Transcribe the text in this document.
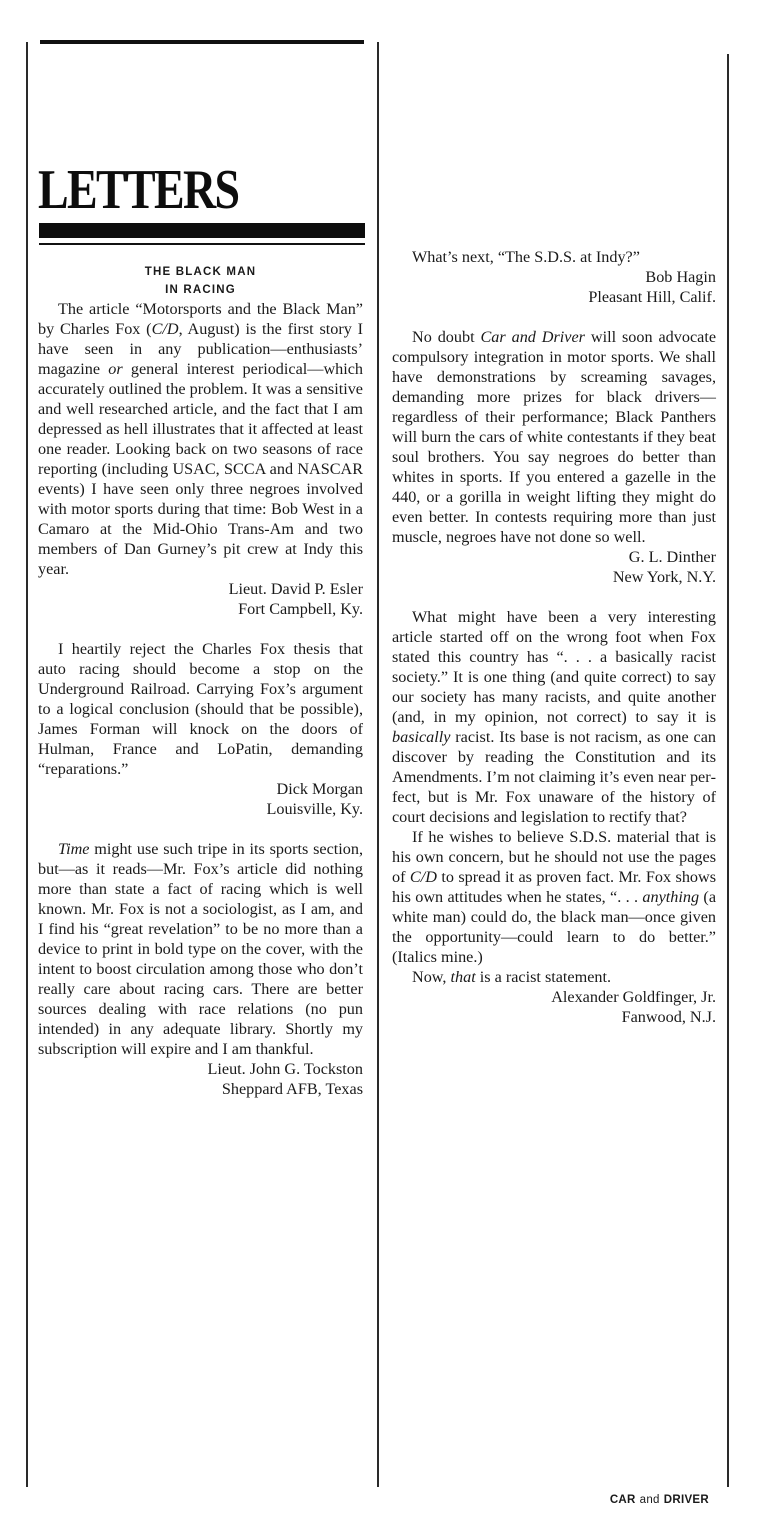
LETTERS
THE BLACK MAN
IN RACING

The article “Motorsports and the Black Man” by Charles Fox (C/D, August) is the first story I have seen in any publication—enthusiasts’ magazine or general interest periodical—which accurately outlined the problem. It was a sensitive and well researched article, and the fact that I am depressed as hell illustrates that it affected at least one reader. Looking back on two seasons of race reporting (including USAC, SCCA and NASCAR events) I have seen only three negroes involved with motor sports during that time: Bob West in a Camaro at the Mid-Ohio Trans-Am and two members of Dan Gurney’s pit crew at Indy this year.

Lieut. David P. Esler
Fort Campbell, Ky.

I heartily reject the Charles Fox thesis that auto racing should become a stop on the Underground Railroad. Carrying Fox’s argument to a logical conclusion (should that be possible), James Forman will knock on the doors of Hulman, France and LoPatin, demanding “reparations.”

Dick Morgan
Louisville, Ky.

Time might use such tripe in its sports section, but—as it reads—Mr. Fox’s article did nothing more than state a fact of racing which is well known. Mr. Fox is not a sociologist, as I am, and I find his “great revelation” to be no more than a device to print in bold type on the cover, with the intent to boost circulation among those who don’t really care about racing cars. There are better sources dealing with race relations (no pun intended) in any adequate library. Shortly my subscription will expire and I am thankful.

Lieut. John G. Tockston
Sheppard AFB, Texas

What’s next, “The S.D.S. at Indy?”

Bob Hagin
Pleasant Hill, Calif.

No doubt Car and Driver will soon advocate compulsory integration in motor sports. We shall have demonstrations by screaming savages, demanding more prizes for black drivers—regardless of their performance; Black Panthers will burn the cars of white contestants if they beat soul brothers. You say negroes do better than whites in sports. If you entered a gazelle in the 440, or a gorilla in weight lifting they might do even better. In contests requiring more than just muscle, negroes have not done so well.

G. L. Dinther
New York, N.Y.

What might have been a very interesting article started off on the wrong foot when Fox stated this country has “. . . a basically racist society.” It is one thing (and quite correct) to say our society has many racists, and quite another (and, in my opinion, not correct) to say it is basically racist. Its base is not racism, as one can discover by reading the Constitution and its Amendments. I’m not claiming it’s even near perfect, but is Mr. Fox unaware of the history of court decisions and legislation to rectify that?

If he wishes to believe S.D.S. material that is his own concern, but he should not use the pages of C/D to spread it as proven fact. Mr. Fox shows his own attitudes when he states, “. . . anything (a white man) could do, the black man—once given the opportunity—could learn to do better.” (Italics mine.)

Now, that is a racist statement.

Alexander Goldfinger, Jr.
Fanwood, N.J.
CAR and DRIVER
